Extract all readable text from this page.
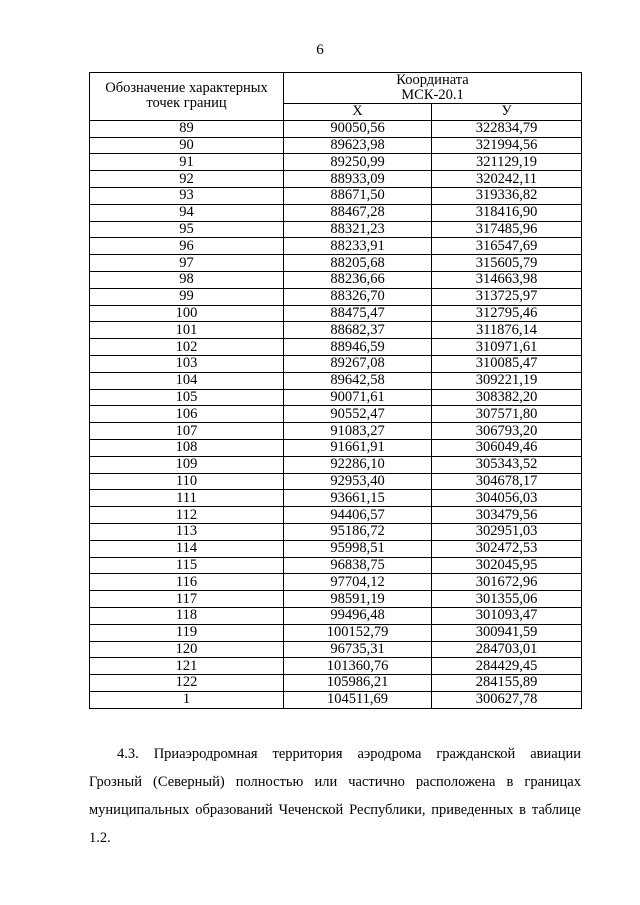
6
Обозначение характерных точек границ	Координата
МСК-20.1	
	Х	У
89	90050,56	322834,79
90	89623,98	321994,56
91	89250,99	321129,19
92	88933,09	320242,11
93	88671,50	319336,82
94	88467,28	318416,90
95	88321,23	317485,96
96	88233,91	316547,69
97	88205,68	315605,79
98	88236,66	314663,98
99	88326,70	313725,97
100	88475,47	312795,46
101	88682,37	311876,14
102	88946,59	310971,61
103	89267,08	310085,47
104	89642,58	309221,19
105	90071,61	308382,20
106	90552,47	307571,80
107	91083,27	306793,20
108	91661,91	306049,46
109	92286,10	305343,52
110	92953,40	304678,17
111	93661,15	304056,03
112	94406,57	303479,56
113	95186,72	302951,03
114	95998,51	302472,53
115	96838,75	302045,95
116	97704,12	301672,96
117	98591,19	301355,06
118	99496,48	301093,47
119	100152,79	300941,59
120	96735,31	284703,01
121	101360,76	284429,45
122	105986,21	284155,89
1	104511,69	300627,78
4.3. Приаэродромная территория аэродрома гражданской авиации Грозный (Северный) полностью или частично расположена в границах муниципальных образований Чеченской Республики, приведенных в таблице 1.2.
